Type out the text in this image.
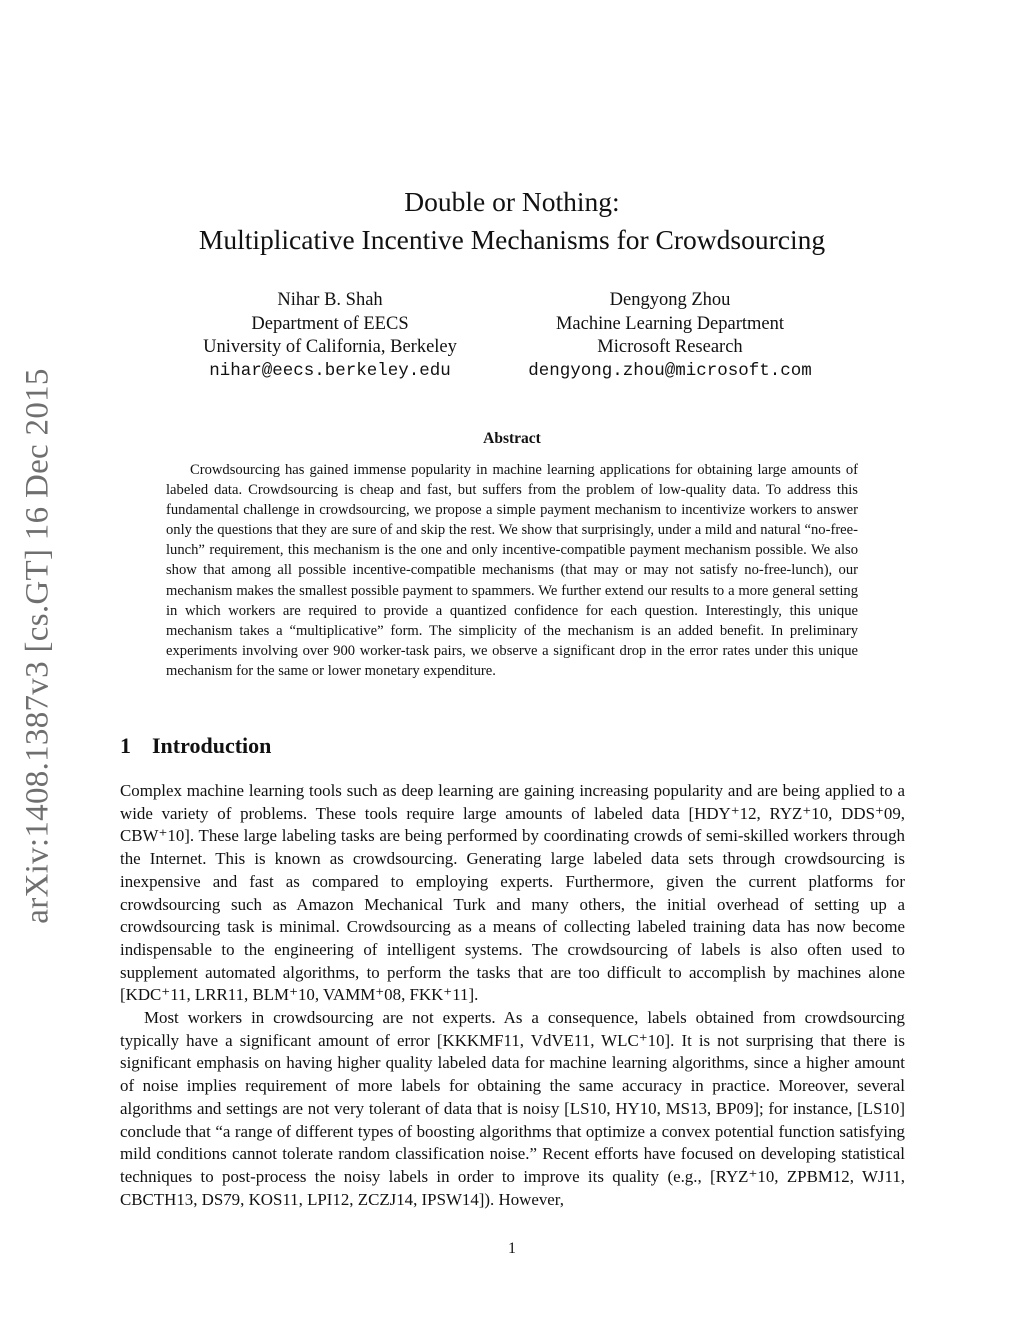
arXiv:1408.1387v3 [cs.GT] 16 Dec 2015
Double or Nothing:
Multiplicative Incentive Mechanisms for Crowdsourcing
Nihar B. Shah
Department of EECS
University of California, Berkeley
nihar@eecs.berkeley.edu
Dengyong Zhou
Machine Learning Department
Microsoft Research
dengyong.zhou@microsoft.com
Abstract

Crowdsourcing has gained immense popularity in machine learning applications for obtaining large amounts of labeled data. Crowdsourcing is cheap and fast, but suffers from the problem of low-quality data. To address this fundamental challenge in crowdsourcing, we propose a simple payment mechanism to incentivize workers to answer only the questions that they are sure of and skip the rest. We show that surprisingly, under a mild and natural “no-free-lunch” requirement, this mechanism is the one and only incentive-compatible payment mechanism possible. We also show that among all possible incentive-compatible mechanisms (that may or may not satisfy no-free-lunch), our mechanism makes the smallest possible payment to spammers. We further extend our results to a more general setting in which workers are required to provide a quantized confidence for each question. Interestingly, this unique mechanism takes a “multiplicative” form. The simplicity of the mechanism is an added benefit. In preliminary experiments involving over 900 worker-task pairs, we observe a significant drop in the error rates under this unique mechanism for the same or lower monetary expenditure.

1 Introduction

Complex machine learning tools such as deep learning are gaining increasing popularity and are being applied to a wide variety of problems. These tools require large amounts of labeled data [HDY⁺12, RYZ⁺10, DDS⁺09, CBW⁺10]. These large labeling tasks are being performed by coordinating crowds of semi-skilled workers through the Internet. This is known as crowdsourcing. Generating large labeled data sets through crowdsourcing is inexpensive and fast as compared to employing experts. Furthermore, given the current platforms for crowdsourcing such as Amazon Mechanical Turk and many others, the initial overhead of setting up a crowdsourcing task is minimal. Crowdsourcing as a means of collecting labeled training data has now become indispensable to the engineering of intelligent systems. The crowdsourcing of labels is also often used to supplement automated algorithms, to perform the tasks that are too difficult to accomplish by machines alone [KDC⁺11, LRR11, BLM⁺10, VAMM⁺08, FKK⁺11].

Most workers in crowdsourcing are not experts. As a consequence, labels obtained from crowdsourcing typically have a significant amount of error [KKKMF11, VdVE11, WLC⁺10]. It is not surprising that there is significant emphasis on having higher quality labeled data for machine learning algorithms, since a higher amount of noise implies requirement of more labels for obtaining the same accuracy in practice. Moreover, several algorithms and settings are not very tolerant of data that is noisy [LS10, HY10, MS13, BP09]; for instance, [LS10] conclude that “a range of different types of boosting algorithms that optimize a convex potential function satisfying mild conditions cannot tolerate random classification noise.” Recent efforts have focused on developing statistical techniques to post-process the noisy labels in order to improve its quality (e.g., [RYZ⁺10, ZPBM12, WJ11, CBCTH13, DS79, KOS11, LPI12, ZCZJ14, IPSW14]). However,

1
